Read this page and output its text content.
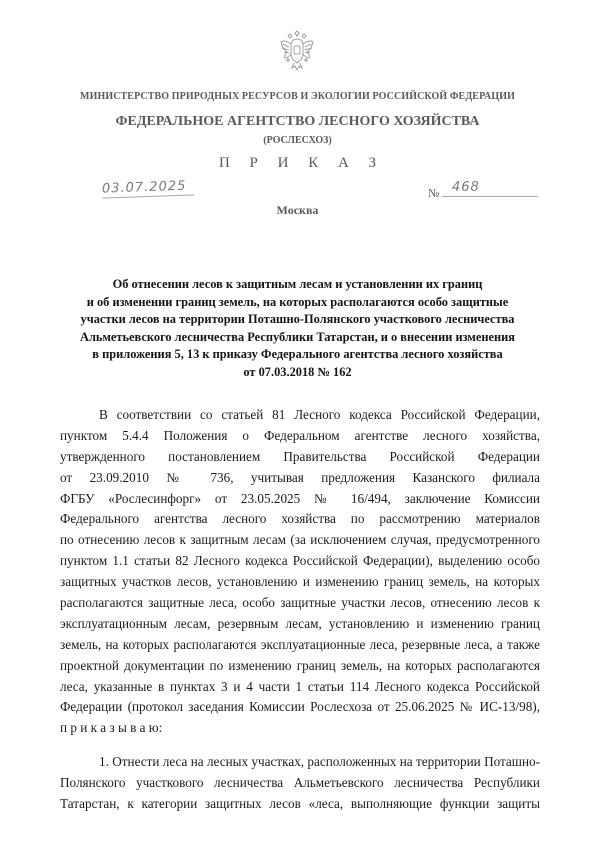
МИНИСТЕРСТВО ПРИРОДНЫХ РЕСУРСОВ И ЭКОЛОГИИ РОССИЙСКОЙ ФЕДЕРАЦИИ
ФЕДЕРАЛЬНОЕ АГЕНТСТВО ЛЕСНОГО ХОЗЯЙСТВА
(РОСЛЕСХОЗ)
П Р И К А З
03.07.2025	№ 468
Москва
Об отнесении лесов к защитным лесам и установлении их границ
и об изменении границ земель, на которых располагаются особо защитные
участки лесов на территории Поташно-Полянского участкового лесничества
Альметьевского лесничества Республики Татарстан, и о внесении изменения
в приложения 5, 13 к приказу Федерального агентства лесного хозяйства
от 07.03.2018 № 162
В соответствии со статьей 81 Лесного кодекса Российской Федерации,
пунктом 5.4.4 Положения о Федеральном агентстве лесного хозяйства,
утвержденного постановлением Правительства Российской Федерации
от 23.09.2010 № 736, учитывая предложения Казанского филиала
ФГБУ «Рослесинфорг» от 23.05.2025 № 16/494, заключение Комиссии
Федерального агентства лесного хозяйства по рассмотрению материалов
по отнесению лесов к защитным лесам (за исключением случая, предусмотренного
пунктом 1.1 статьи 82 Лесного кодекса Российской Федерации), выделению особо
защитных участков лесов, установлению и изменению границ земель, на которых
располагаются защитные леса, особо защитные участки лесов, отнесению лесов к
эксплуатационным лесам, резервным лесам, установлению и изменению границ
земель, на которых располагаются эксплуатационные леса, резервные леса, а также
проектной документации по изменению границ земель, на которых располагаются
леса, указанные в пунктах 3 и 4 части 1 статьи 114 Лесного кодекса Российской
Федерации (протокол заседания Комиссии Рослесхоза от 25.06.2025 № ИС-13/98),
п р и к а з ы в а ю:
1. Отнести леса на лесных участках, расположенных на территории Поташно-
Полянского участкового лесничества Альметьевского лесничества Республики
Татарстан, к категории защитных лесов «леса, выполняющие функции защиты
